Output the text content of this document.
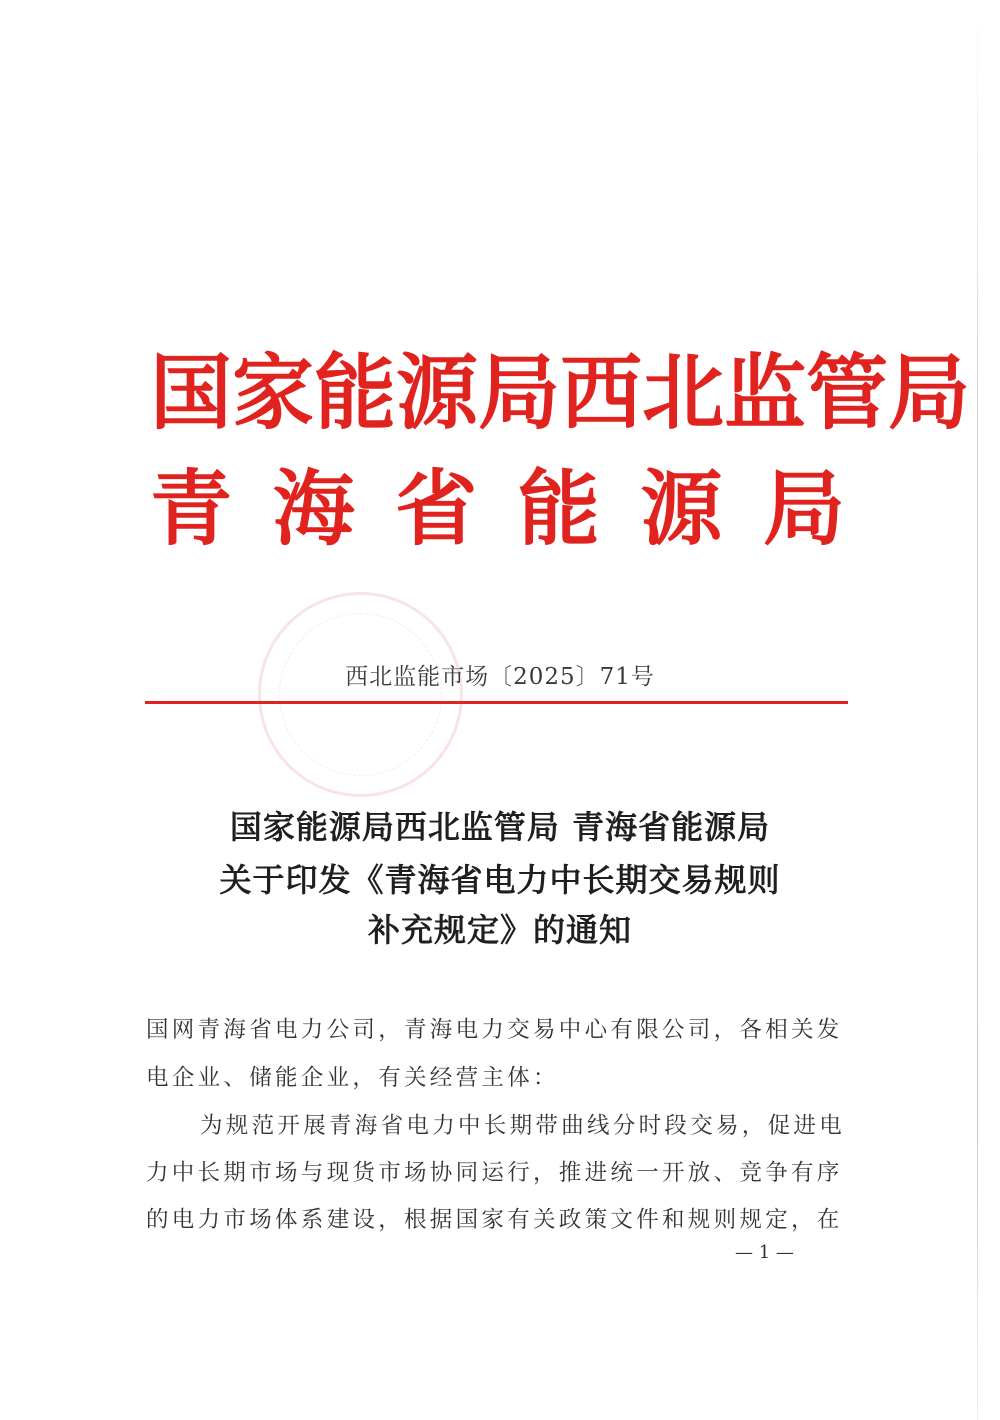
国 家 能 源 局 西 北 监 管 局
青 海 省 能 源 局
西北监能市场〔2025〕71号
国家能源局西北监管局 青海省能源局
关于印发《青海省电力中长期交易规则
补充规定》的通知
国网青海省电力公司，青海电力交易中心有限公司，各相关发
电企业、储能企业，有关经营主体：
为规范开展青海省电力中长期带曲线分时段交易，促进电
力中长期市场与现货市场协同运行，推进统一开放、竞争有序
的电力市场体系建设，根据国家有关政策文件和规则规定，在
— 1 —
